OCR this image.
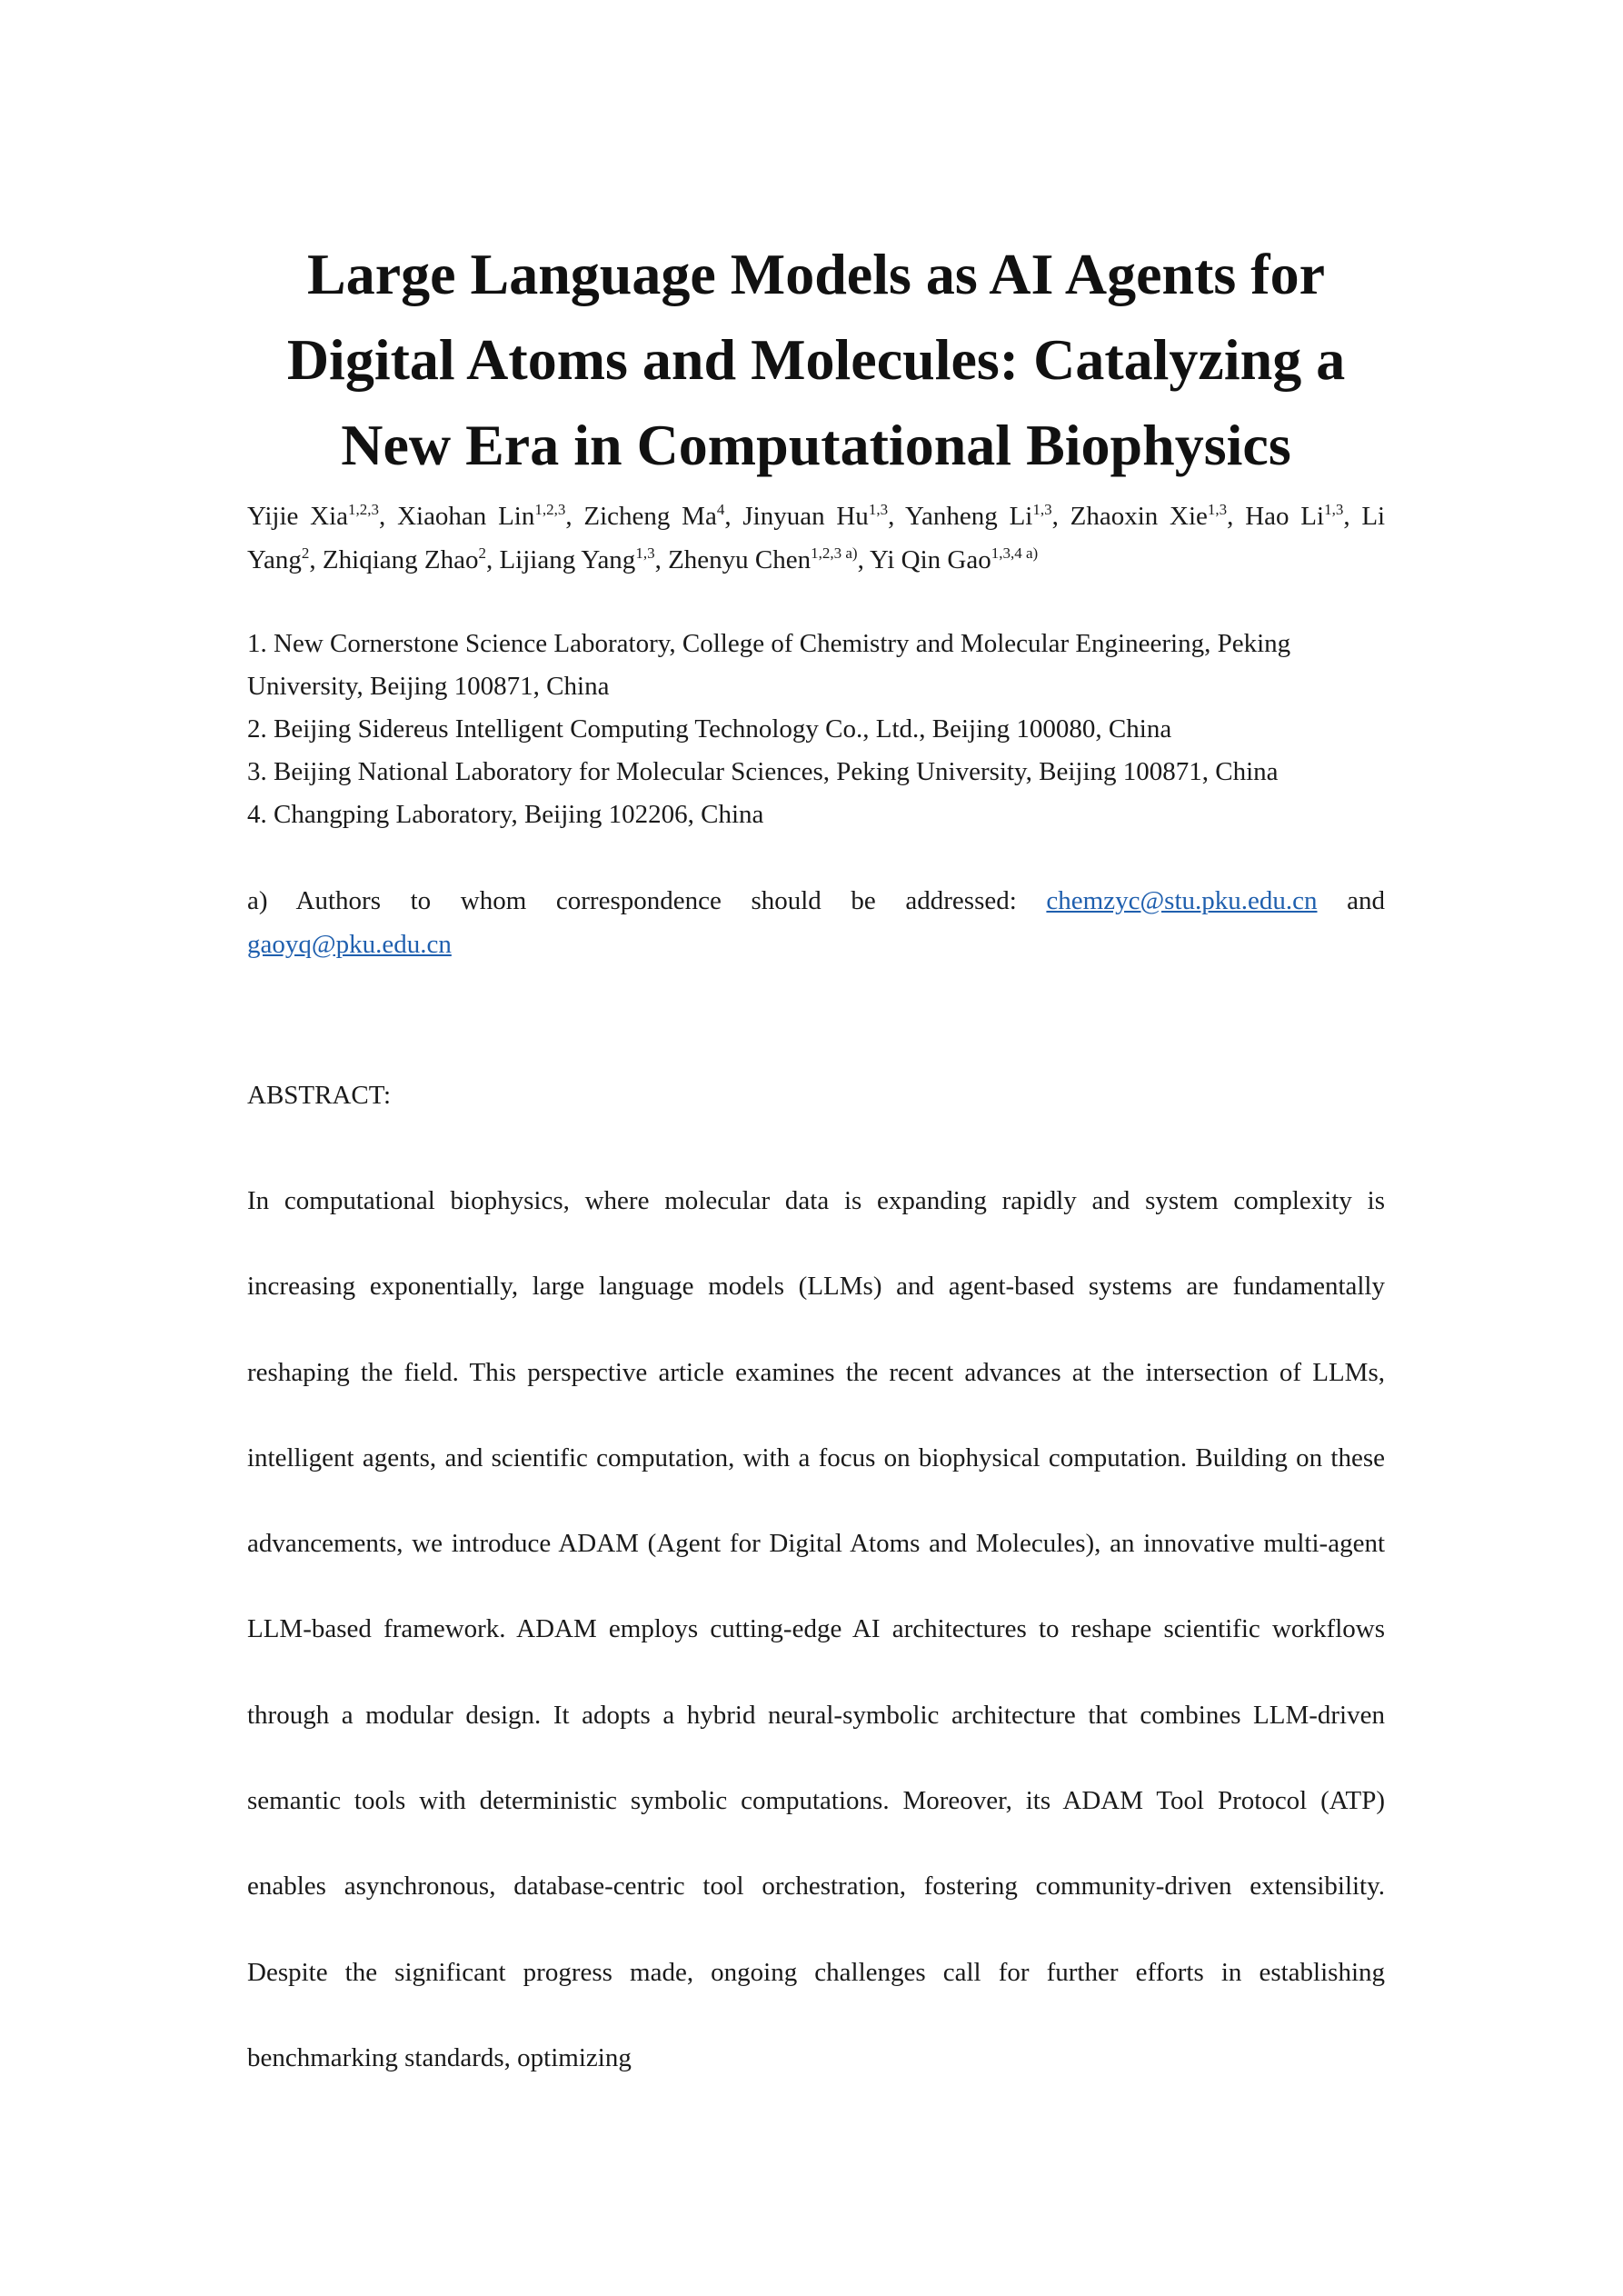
Large Language Models as AI Agents for
Digital Atoms and Molecules: Catalyzing a
New Era in Computational Biophysics
Yijie Xia$^{1,2,3}$, Xiaohan Lin$^{1,2,3}$, Zicheng Ma$^4$, Jinyuan Hu$^{1,3}$, Yanheng Li$^{1,3}$, Zhaoxin Xie$^{1,3}$, Hao Li$^{1,3}$, Li Yang$^2$, Zhiqiang Zhao$^2$, Lijiang Yang$^{1,3}$, Zhenyu Chen$^{1,2,3 a)}$, Yi Qin Gao$^{1,3,4 a)}$
1. New Cornerstone Science Laboratory, College of Chemistry and Molecular Engineering, Peking University, Beijing 100871, China
2. Beijing Sidereus Intelligent Computing Technology Co., Ltd., Beijing 100080, China
3. Beijing National Laboratory for Molecular Sciences, Peking University, Beijing 100871, China
4. Changping Laboratory, Beijing 102206, China
a) Authors to whom correspondence should be addressed: chemzyc@stu.pku.edu.cn and gaoyq@pku.edu.cn
ABSTRACT:

In computational biophysics, where molecular data is expanding rapidly and system complexity is increasing exponentially, large language models (LLMs) and agent-based systems are fundamentally reshaping the field. This perspective article examines the recent advances at the intersection of LLMs, intelligent agents, and scientific computation, with a focus on biophysical computation. Building on these advancements, we introduce ADAM (Agent for Digital Atoms and Molecules), an innovative multi-agent LLM-based framework. ADAM employs cutting-edge AI architectures to reshape scientific workflows through a modular design. It adopts a hybrid neural-symbolic architecture that combines LLM-driven semantic tools with deterministic symbolic computations. Moreover, its ADAM Tool Protocol (ATP) enables asynchronous, database-centric tool orchestration, fostering community-driven extensibility. Despite the significant progress made, ongoing challenges call for further efforts in establishing benchmarking standards, optimizing
